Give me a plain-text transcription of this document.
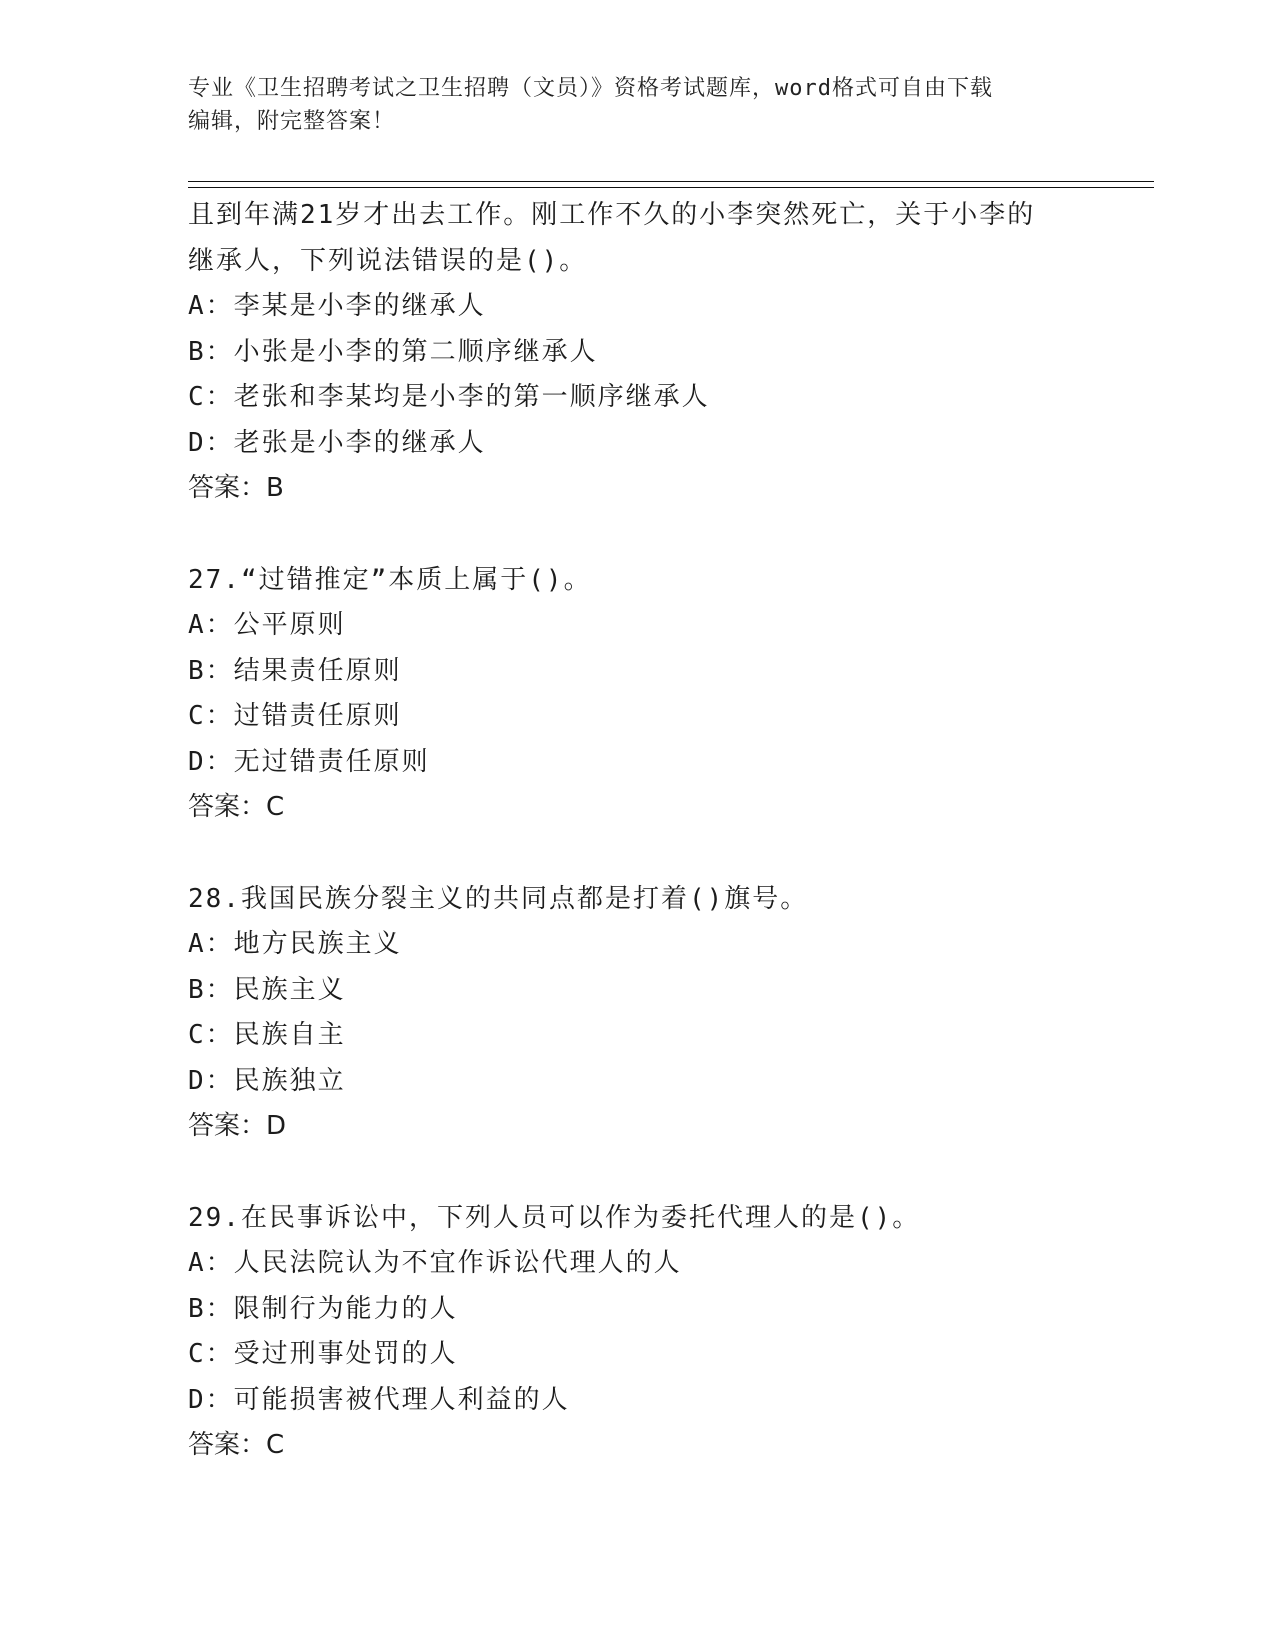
专业《卫生招聘考试之卫生招聘（文员）》资格考试题库，word格式可自由下载
编辑，附完整答案！
且到年满21岁才出去工作。刚工作不久的小李突然死亡，关于小李的
继承人，下列说法错误的是()。
A：李某是小李的继承人
B：小张是小李的第二顺序继承人
C：老张和李某均是小李的第一顺序继承人
D：老张是小李的继承人
答案：B
27.“过错推定”本质上属于()。
A：公平原则
B：结果责任原则
C：过错责任原则
D：无过错责任原则
答案：C
28.我国民族分裂主义的共同点都是打着()旗号。
A：地方民族主义
B：民族主义
C：民族自主
D：民族独立
答案：D
29.在民事诉讼中，下列人员可以作为委托代理人的是()。
A：人民法院认为不宜作诉讼代理人的人
B：限制行为能力的人
C：受过刑事处罚的人
D：可能损害被代理人利益的人
答案：C
